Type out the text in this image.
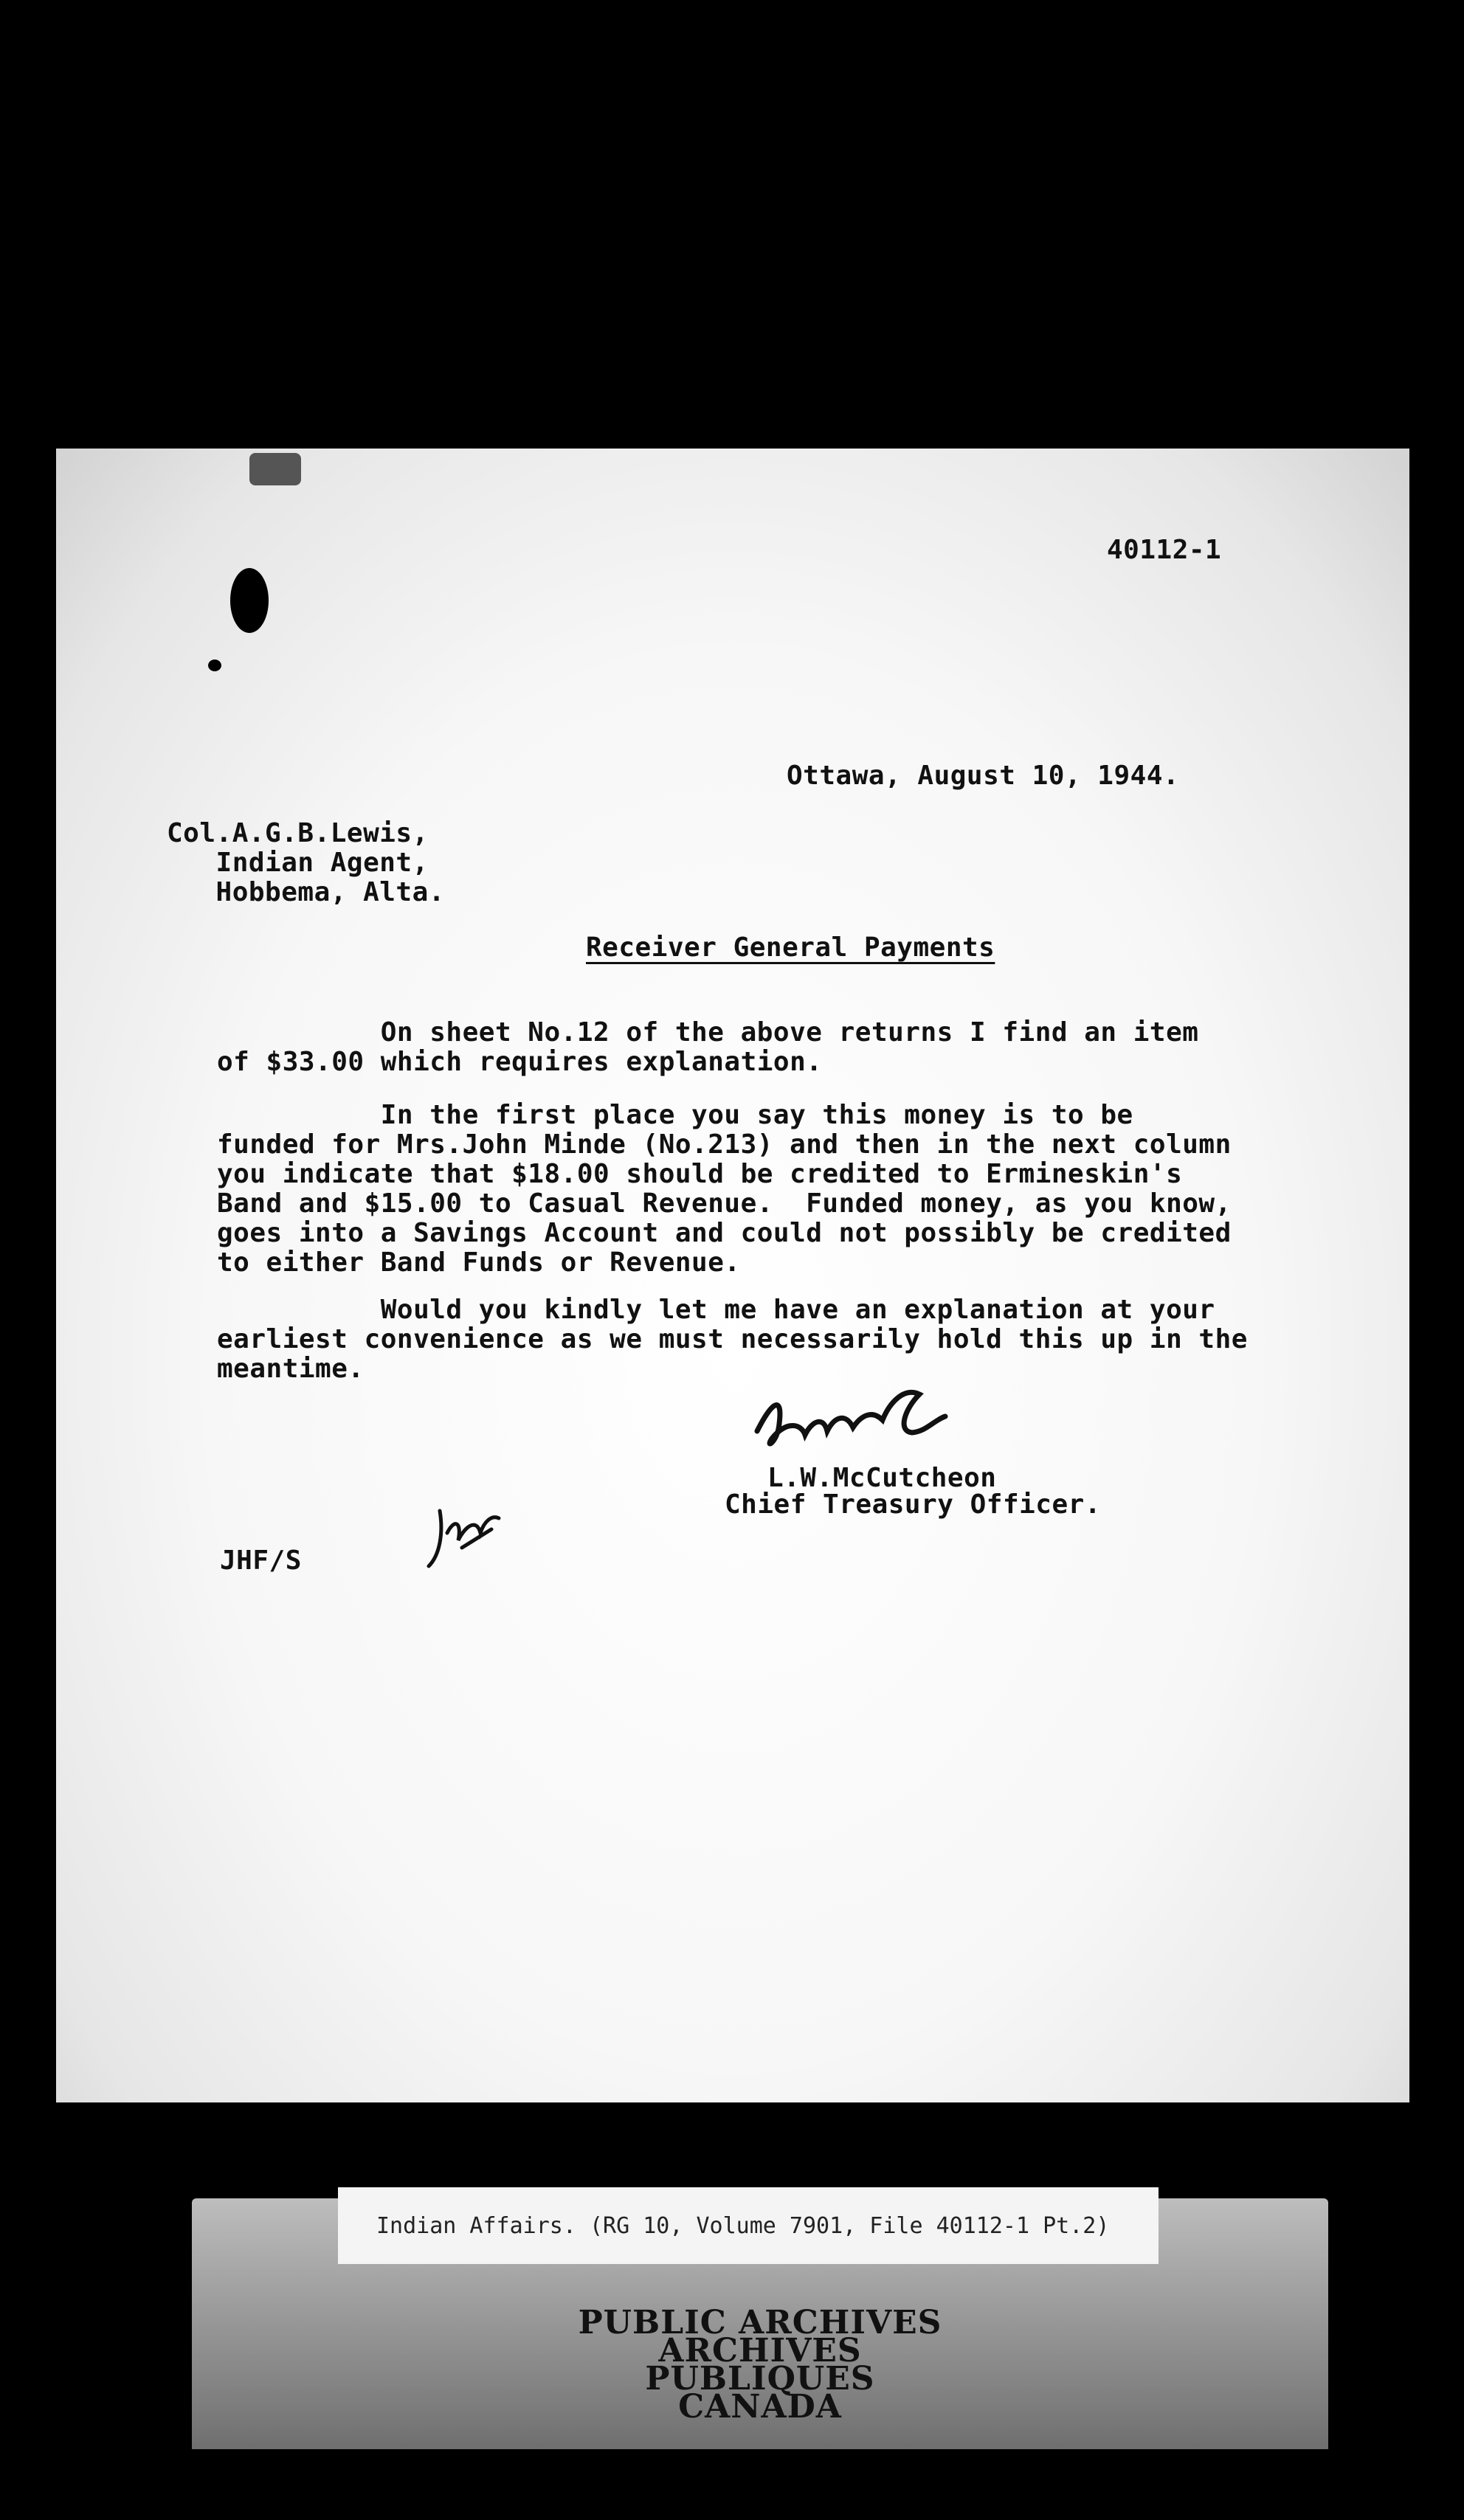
40112-1

Ottawa, August 10, 1944.

Col.A.G.B.Lewis,
Indian Agent,
Hobbema, Alta.

Receiver General Payments

On sheet No.12 of the above returns I find an item
of $33.00 which requires explanation.

In the first place you say this money is to be
funded for Mrs.John Minde (No.213) and then in the next column
you indicate that $18.00 should be credited to Ermineskin's
Band and $15.00 to Casual Revenue.  Funded money, as you know,
goes into a Savings Account and could not possibly be credited
to either Band Funds or Revenue.

Would you kindly let me have an explanation at your
earliest convenience as we must necessarily hold this up in the
meantime.

L.W.McCutcheon

Chief Treasury Officer.

JHF/S

Indian Affairs. (RG 10, Volume 7901, File 40112-1 Pt.2)
PUBLIC ARCHIVES
ARCHIVES PUBLIQUES
CANADA
